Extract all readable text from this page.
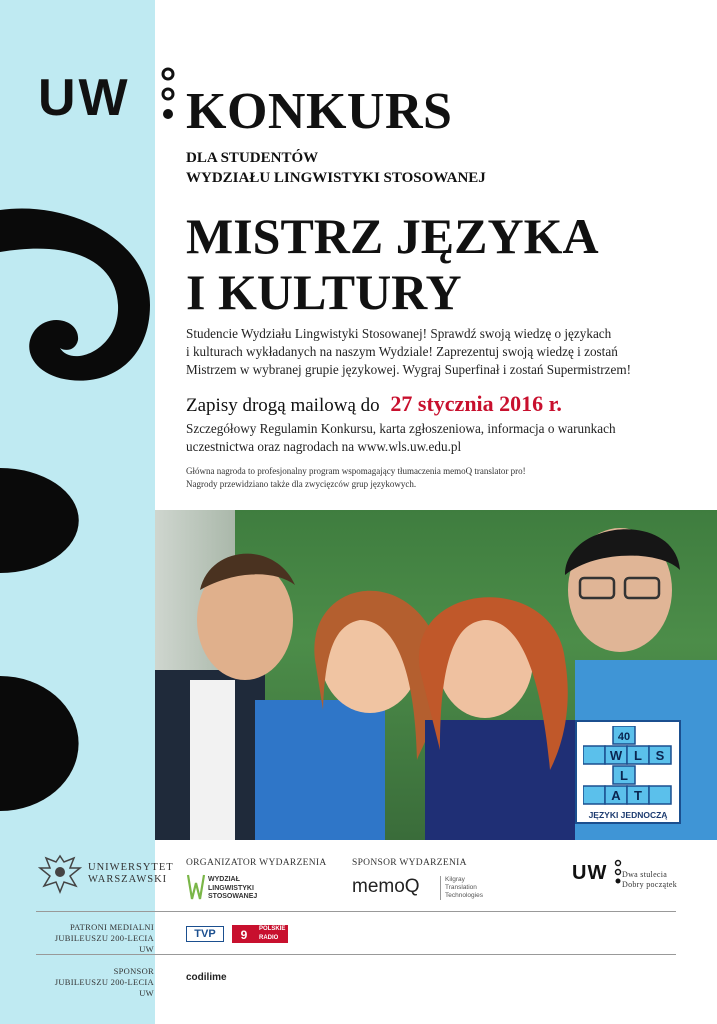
UW KONKURS
DLA STUDENTÓW
WYDZIAŁU LINGWISTYKI STOSOWANEJ
MISTRZ JĘZYKA
I KULTURY
Studencie Wydziału Lingwistyki Stosowanej! Sprawdź swoją wiedzę o językach
i kulturach wykładanych na naszym Wydziale! Zaprezentuj swoją wiedzę i zostań
Mistrzem w wybranej grupie językowej. Wygraj Superfinał i zostań Supermistrzem!
Zapisy drogą mailową do 27 stycznia 2016 r.
Szczegółowy Regulamin Konkursu, karta zgłoszeniowa, informacja o warunkach
uczestnictwa oraz nagrodach na www.wls.uw.edu.pl
Główna nagroda to profesjonalny program wspomagający tłumaczenia memoQ translator pro!
Nagrody przewidziano także dla zwycięzców grup językowych.
40
W L S
L
A T
JĘZYKI JEDNOCZĄ
UNIWERSYTET
WARSZAWSKI
ORGANIZATOR WYDARZENIA
WYDZIAŁ
LINGWISTYKI
STOSOWANEJ
SPONSOR WYDARZENIA
memoQ	Kilgray
Translation
Technologies
UW Dwa stulecia
Dobry początek
PATRONI MEDIALNI
JUBILEUSZU 200-LECIA UW
TVP	9 POLSKIE
RADIO
SPONSOR
JUBILEUSZU 200-LECIA UW
codilime
